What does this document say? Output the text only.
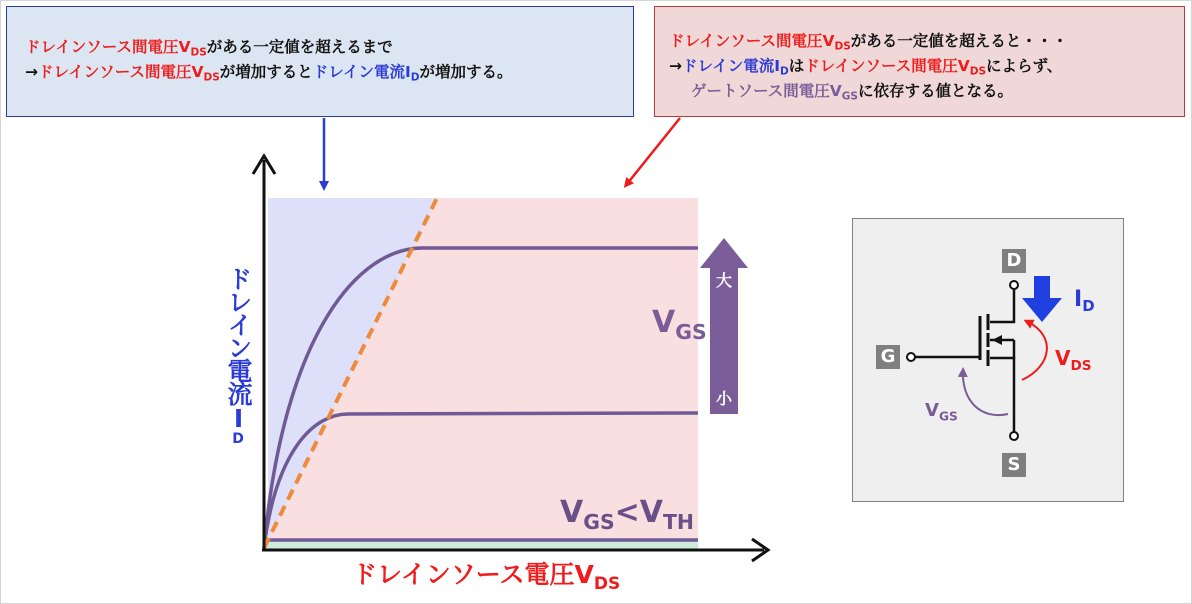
ドレインソース間電圧$V_{DS}$がある一定値を超えるまで
→ドレインソース間電圧$V_{DS}$が増加するとドレイン電流$I_D$が増加する。
ドレインソース間電圧$V_{DS}$がある一定値を超えると・・・
→ドレイン電流$I_D$はドレインソース間電圧$V_{DS}$によらず、
ゲートソース間電圧$V_{GS}$に依存する値となる。
大
小
ドレイン電流ID
ドレインソース電圧$V_{DS}$
$V_{GS}$
$V_{GS}<V_{TH}$
D
G
S
$I_D$
$V_{DS}$
$V_{GS}$
